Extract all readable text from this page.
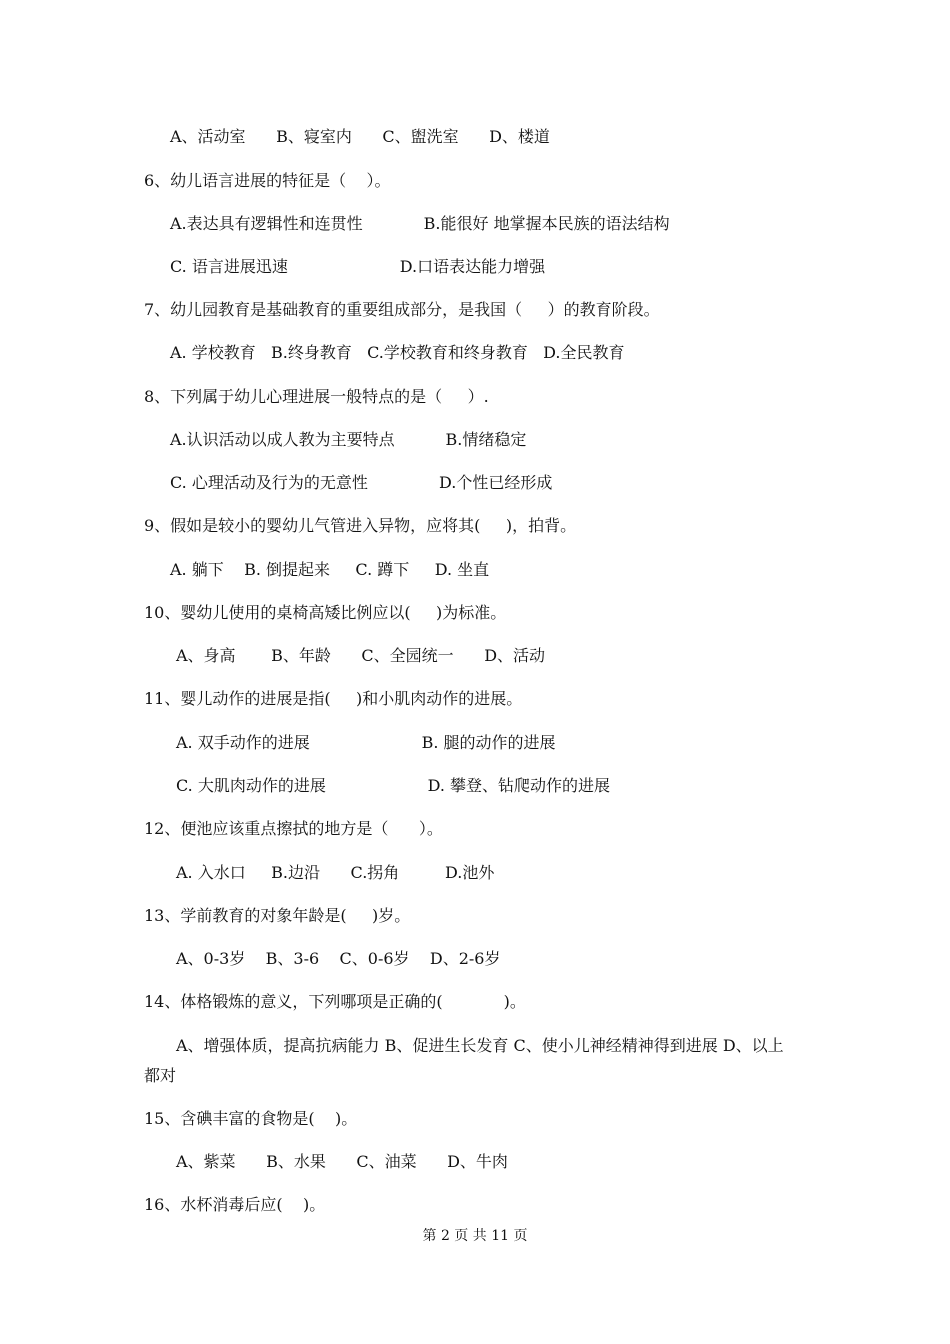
A、活动室      B、寝室内      C、盥洗室      D、楼道
6、幼儿语言进展的特征是（    ）。
A.表达具有逻辑性和连贯性            B.能很好 地掌握本民族的语法结构
C. 语言进展迅速                      D.口语表达能力增强
7、幼儿园教育是基础教育的重要组成部分，是我国（     ）的教育阶段。
A. 学校教育   B.终身教育   C.学校教育和终身教育   D.全民教育
8、下列属于幼儿心理进展一般特点的是（     ）.
A.认识活动以成人教为主要特点          B.情绪稳定
C. 心理活动及行为的无意性              D.个性已经形成
9、假如是较小的婴幼儿气管进入异物，应将其(     )，拍背。
A. 躺下    B. 倒提起来     C. 蹲下     D. 坐直
10、婴幼儿使用的桌椅高矮比例应以(     )为标准。
A、身高       B、年龄      C、全园统一      D、活动
11、婴儿动作的进展是指(     )和小肌肉动作的进展。
A. 双手动作的进展                      B. 腿的动作的进展
C. 大肌肉动作的进展                    D. 攀登、钻爬动作的进展
12、便池应该重点擦拭的地方是（      ）。
A. 入水口     B.边沿      C.拐角         D.池外
13、学前教育的对象年龄是(     )岁。
A、0-3岁    B、3-6    C、0-6岁    D、2-6岁
14、体格锻炼的意义，下列哪项是正确的(            )。
A、增强体质，提高抗病能力 B、促进生长发育 C、使小儿神经精神得到进展 D、以上
都对
15、含碘丰富的食物是(    )。
A、紫菜      B、水果      C、油菜      D、牛肉
16、水杯消毒后应(    )。
第 2 页 共 11 页
